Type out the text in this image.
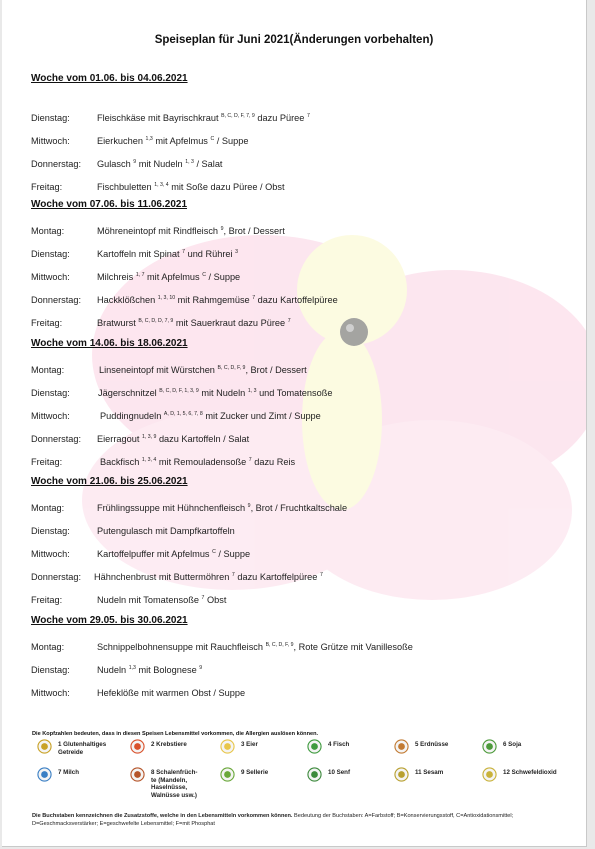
Speiseplan für Juni 2021(Änderungen vorbehalten)
Woche vom 01.06. bis 04.06.2021
Dienstag:	Fleischkäse mit Bayrischkraut $^{B, C, D, F, 7, 9}$ dazu Püree $^7$
Mittwoch:	Eierkuchen $^{1,3}$ mit Apfelmus $^C$ / Suppe
Donnerstag: Gulasch $^9$ mit Nudeln $^{1, 3}$ / Salat
Freitag:	Fischbuletten $^{1, 3, 4}$ mit Soße dazu Püree / Obst
Woche vom 07.06. bis 11.06.2021
Montag:	Möhreneintopf mit Rindfleisch $^9$, Brot / Dessert
Dienstag:	Kartoffeln mit Spinat $^7$ und Rührei $^3$
Mittwoch:	Milchreis $^{1, 7}$ mit Apfelmus $^C$ / Suppe
Donnerstag: Hackklößchen $^{1, 3, 10}$ mit Rahmgemüse $^7$ dazu Kartoffelpüree
Freitag:	Bratwurst $^{B, C, D, D, 7, 9}$ mit Sauerkraut dazu Püree $^7$
Woche vom 14.06. bis 18.06.2021
Montag:	Linseneintopf mit Würstchen $^{B, C, D, F, 9}$, Brot / Dessert
Dienstag:	Jägerschnitzel $^{B, C, D, F, 1, 3, 9}$ mit Nudeln $^{1, 3}$ und Tomatensoße
Mittwoch:	Puddingnudeln $^{A, D, 1, 5, 6, 7, 8}$ mit Zucker und Zimt / Suppe
Donnerstag: Eierragout $^{1, 3, 9}$ dazu Kartoffeln / Salat
Freitag:	Backfisch $^{1, 3, 4}$ mit Remouladensoße $^7$ dazu Reis
Woche vom 21.06. bis 25.06.2021
Montag:	Frühlingssuppe mit Hühnchenfleisch $^9$, Brot / Fruchtkaltschale
Dienstag:	Putengulasch mit Dampfkartoffeln
Mittwoch:	Kartoffelpuffer mit Apfelmus $^C$ / Suppe
Donnerstag: Hähnchenbrust mit Buttermöhren $^7$ dazu Kartoffelpüree $^7$
Freitag:	Nudeln mit Tomatensoße $^7$ Obst
Woche vom 29.05. bis 30.06.2021
Montag:	Schnippelbohnensuppe mit Rauchfleisch $^{B, C, D, F, 9}$, Rote Grütze mit Vanillesoße
Dienstag:	Nudeln $^{1,3}$ mit Bolognese $^9$
Mittwoch:	Hefeklöße mit warmen Obst / Suppe
Die Kopfzahlen bedeuten, dass in diesen Speisen Lebensmittel vorkommen, die Allergien auslösen können.
1 Glutenhaltiges
Getreide
2 Krebstiere	3 Eier	4 Fisch	5 Erdnüsse	6 Soja
7 Milch	8 Schalenfrüch-
te (Mandeln,
Haselnüsse,
Walnüsse usw.)
9 Sellerie	10 Senf	11 Sesam	12 Schwefeldioxid
Die Buchstaben kennzeichnen die Zusatzstoffe, welche in den Lebensmitteln vorkommen können. Bedeutung der Buchstaben: A=Farbstoff; B=Konservierungsstoff, C=Antioxidationsmittel; D=Geschmacksverstärker; E=geschwefelte Lebensmittel; F=mit Phosphat
